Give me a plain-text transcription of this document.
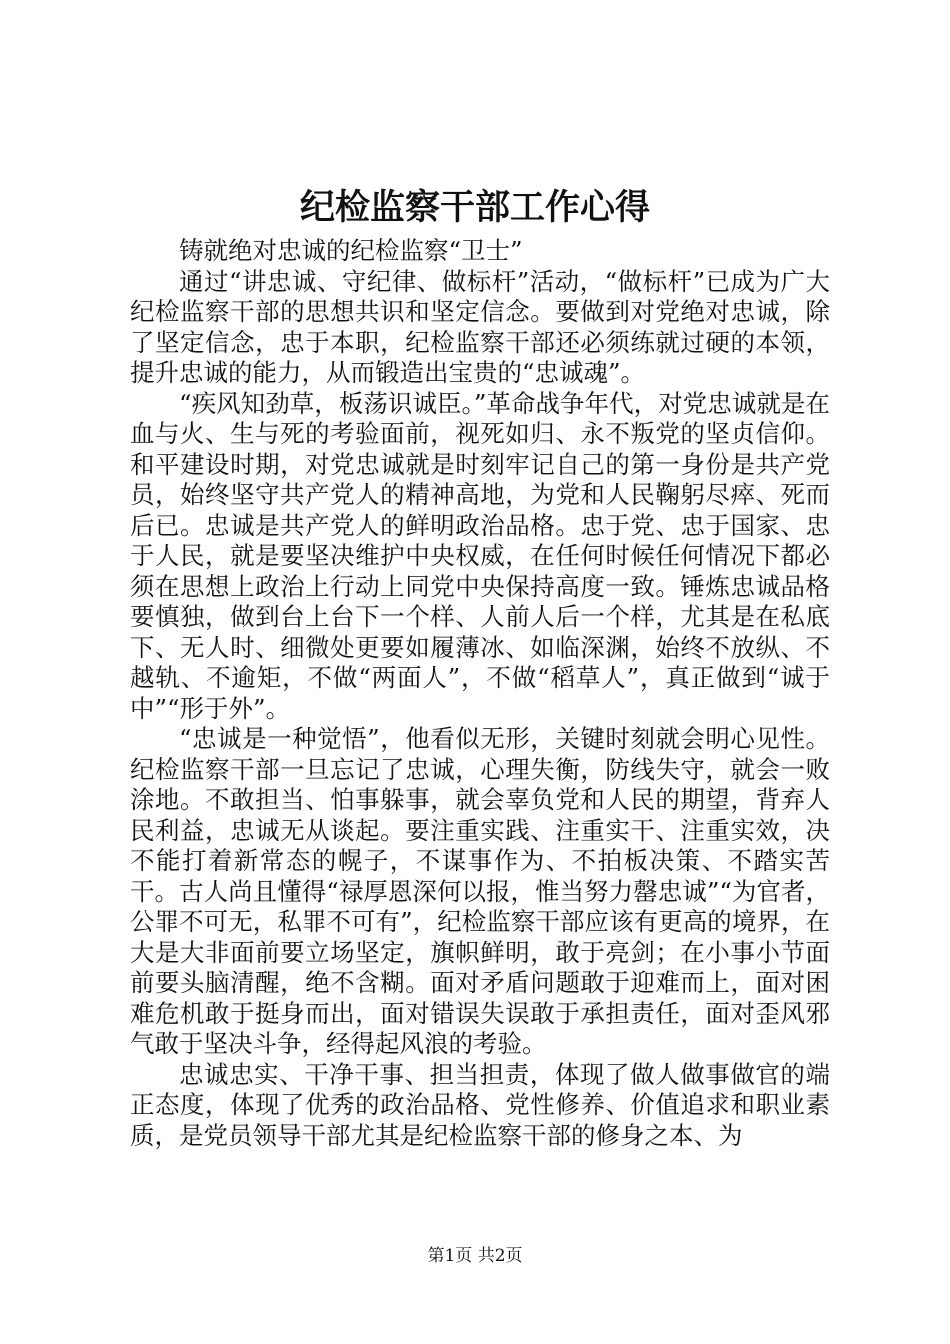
纪检监察干部工作心得

铸就绝对忠诚的纪检监察“卫士”

通过“讲忠诚、守纪律、做标杆”活动，“做标杆”已成为广大纪检监察干部的思想共识和坚定信念。要做到对党绝对忠诚，除了坚定信念，忠于本职，纪检监察干部还必须练就过硬的本领，提升忠诚的能力，从而锻造出宝贵的“忠诚魂”。

“疾风知劲草，板荡识诚臣。”革命战争年代，对党忠诚就是在血与火、生与死的考验面前，视死如归、永不叛党的坚贞信仰。和平建设时期，对党忠诚就是时刻牢记自己的第一身份是共产党员，始终坚守共产党人的精神高地，为党和人民鞠躬尽瘁、死而后已。忠诚是共产党人的鲜明政治品格。忠于党、忠于国家、忠于人民，就是要坚决维护中央权威，在任何时候任何情况下都必须在思想上政治上行动上同党中央保持高度一致。锤炼忠诚品格要慎独，做到台上台下一个样、人前人后一个样，尤其是在私底下、无人时、细微处更要如履薄冰、如临深渊，始终不放纵、不越轨、不逾矩，不做“两面人”，不做“稻草人”，真正做到“诚于中”“形于外”。

“忠诚是一种觉悟”，他看似无形，关键时刻就会明心见性。纪检监察干部一旦忘记了忠诚，心理失衡，防线失守，就会一败涂地。不敢担当、怕事躲事，就会辜负党和人民的期望，背弃人民利益，忠诚无从谈起。要注重实践、注重实干、注重实效，决不能打着新常态的幌子，不谋事作为、不拍板决策、不踏实苦干。古人尚且懂得“禄厚恩深何以报，惟当努力罄忠诚”“为官者，公罪不可无，私罪不可有”，纪检监察干部应该有更高的境界，在大是大非面前要立场坚定，旗帜鲜明，敢于亮剑；在小事小节面前要头脑清醒，绝不含糊。面对矛盾问题敢于迎难而上，面对困难危机敢于挺身而出，面对错误失误敢于承担责任，面对歪风邪气敢于坚决斗争，经得起风浪的考验。

忠诚忠实、干净干事、担当担责，体现了做人做事做官的端正态度，体现了优秀的政治品格、党性修养、价值追求和职业素质，是党员领导干部尤其是纪检监察干部的修身之本、为

第1页 共2页
